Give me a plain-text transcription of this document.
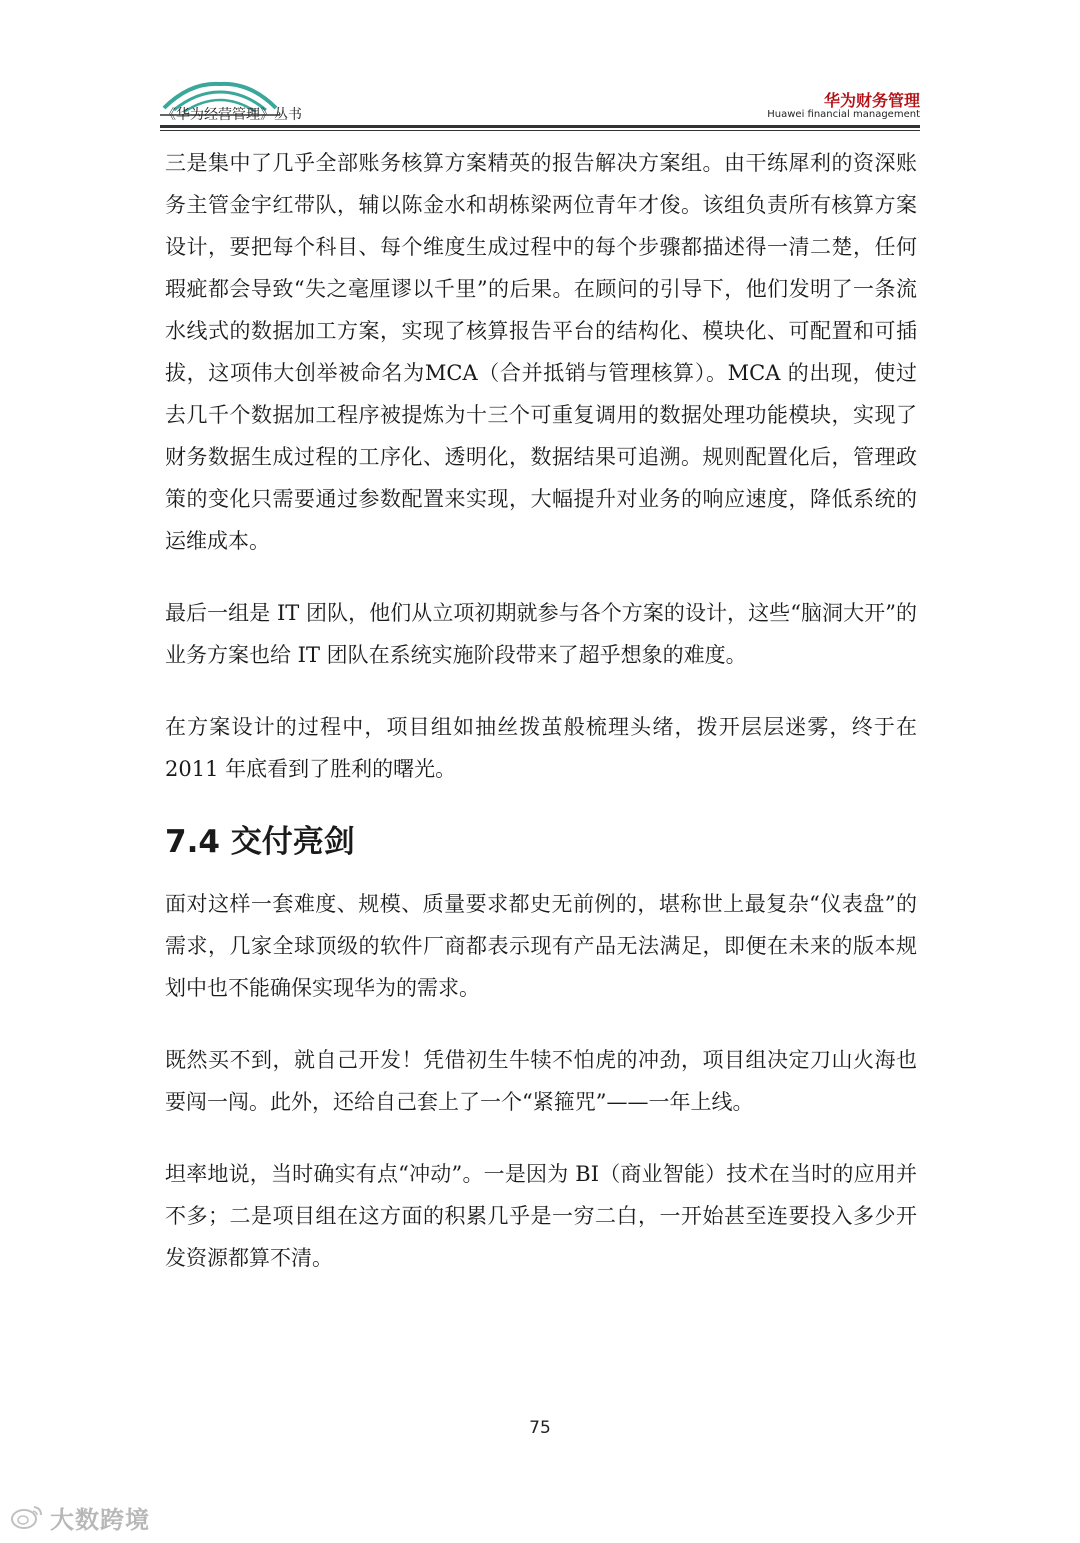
《华为经营管理》丛书
华为财务管理
Huawei financial management

三是集中了几乎全部账务核算方案精英的报告解决方案组。由干练犀利的资深账务主管金宇红带队，辅以陈金水和胡栋梁两位青年才俊。该组负责所有核算方案设计，要把每个科目、每个维度生成过程中的每个步骤都描述得一清二楚，任何瑕疵都会导致“失之毫厘谬以千里”的后果。在顾问的引导下，他们发明了一条流水线式的数据加工方案，实现了核算报告平台的结构化、模块化、可配置和可插拔，这项伟大创举被命名为MCA（合并抵销与管理核算）。MCA 的出现，使过去几千个数据加工程序被提炼为十三个可重复调用的数据处理功能模块，实现了财务数据生成过程的工序化、透明化，数据结果可追溯。规则配置化后，管理政策的变化只需要通过参数配置来实现，大幅提升对业务的响应速度，降低系统的运维成本。

最后一组是 IT 团队，他们从立项初期就参与各个方案的设计，这些“脑洞大开”的业务方案也给 IT 团队在系统实施阶段带来了超乎想象的难度。

在方案设计的过程中，项目组如抽丝拨茧般梳理头绪，拨开层层迷雾，终于在2011 年底看到了胜利的曙光。

7.4 交付亮剑

面对这样一套难度、规模、质量要求都史无前例的，堪称世上最复杂“仪表盘”的需求，几家全球顶级的软件厂商都表示现有产品无法满足，即便在未来的版本规划中也不能确保实现华为的需求。

既然买不到，就自己开发！凭借初生牛犊不怕虎的冲劲，项目组决定刀山火海也要闯一闯。此外，还给自己套上了一个“紧箍咒”——一年上线。

坦率地说，当时确实有点“冲动”。一是因为 BI（商业智能）技术在当时的应用并不多；二是项目组在这方面的积累几乎是一穷二白，一开始甚至连要投入多少开发资源都算不清。

75
大数跨境
